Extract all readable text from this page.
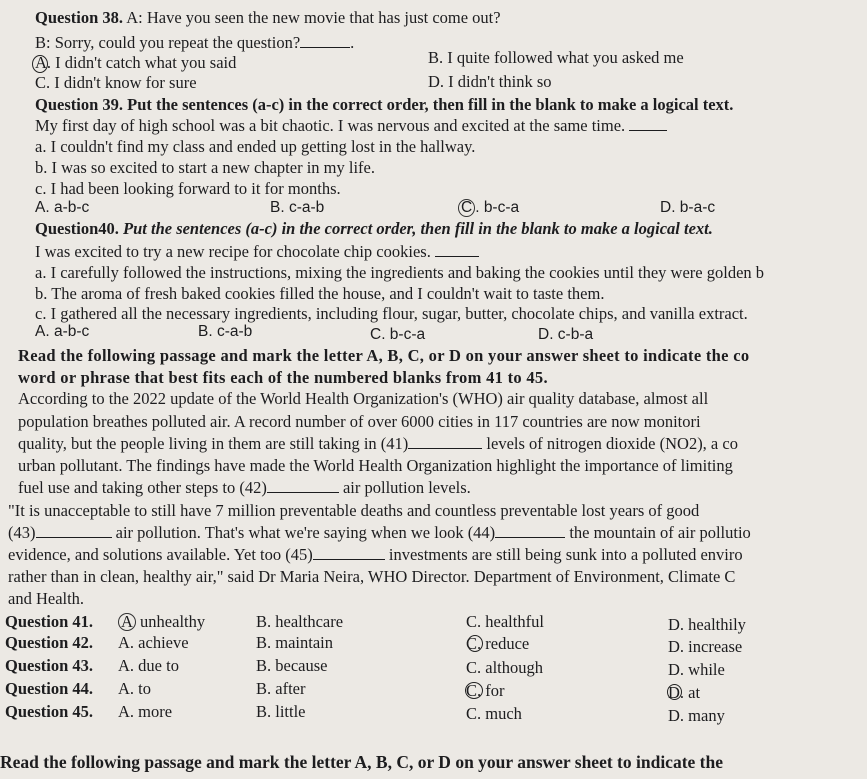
Question 38. A: Have you seen the new movie that has just come out?
B: Sorry, could you repeat the question?	.
A. I didn't catch what you said	B. I quite followed what you asked me
C. I didn't know for sure	D. I didn't think so
Question 39. Put the sentences (a-c) in the correct order, then fill in the blank to make a logical text.
My first day of high school was a bit chaotic. I was nervous and excited at the same time.
a. I couldn't find my class and ended up getting lost in the hallway.
b. I was so excited to start a new chapter in my life.
c. I had been looking forward to it for months.
A. a-b-c	B. c-a-b	C . b-c-a	D. b-a-c
Question40. Put the sentences (a-c) in the correct order, then fill in the blank to make a logical text.
I was excited to try a new recipe for chocolate chip cookies.
a. I carefully followed the instructions, mixing the ingredients and baking the cookies until they were golden b
b. The aroma of fresh baked cookies filled the house, and I couldn't wait to taste them.
c. I gathered all the necessary ingredients, including flour, sugar, butter, chocolate chips, and vanilla extract.
A. a-b-c	B. c-a-b	C. b-c-a	D. c-b-a
Read the following passage and mark the letter A, B, C, or D on your answer sheet to indicate the co
word or phrase that best fits each of the numbered blanks from 41 to 45.
According to the 2022 update of the World Health Organization's (WHO) air quality database, almost all
population breathes polluted air. A record number of over 6000 cities in 117 countries are now monitori
quality, but the people living in them are still taking in (41)	levels of nitrogen dioxide (NO2), a co
urban pollutant. The findings have made the World Health Organization highlight the importance of limiting
fuel use and taking other steps to (42)	air pollution levels.
"It is unacceptable to still have 7 million preventable deaths and countless preventable lost years of good
(43)	air pollution. That's what we're saying when we look (44)	the mountain of air pollutio
evidence, and solutions available. Yet too (45)	investments are still being sunk into a polluted enviro
rather than in clean, healthy air," said Dr Maria Neira, WHO Director. Department of Environment, Climate C
and Health.
Question 41. A unhealthy	B. healthcare	C. healthful	D. healthily
Question 42. A. achieve	B. maintain	C. reduce	D. increase
Question 43. A. due to	B. because	C. although	D. while
Question 44. A. to	B. after	C. for	D. at
Question 45. A. more	B. little	C. much	D. many
Read the following passage and mark the letter A, B, C, or D on your answer sheet to indicate the
